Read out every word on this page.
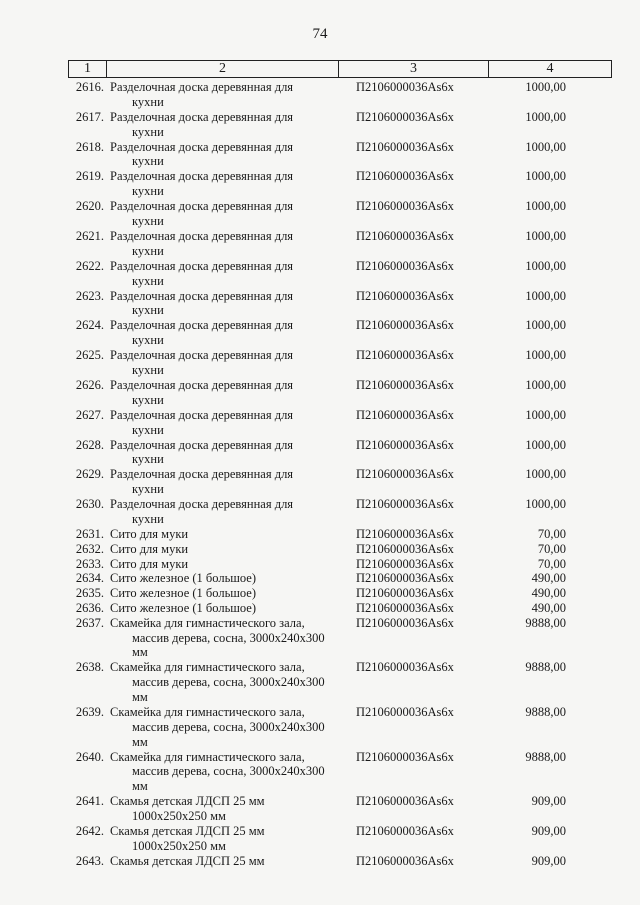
74
1	2	3	4
2616. Разделочная доска деревянная для
кухни
П2106000036Аs6х	1000,00
2617. Разделочная доска деревянная для
кухни
П2106000036Аs6х	1000,00
2618. Разделочная доска деревянная для
кухни
П2106000036Аs6х	1000,00
2619. Разделочная доска деревянная для
кухни
П2106000036Аs6х	1000,00
2620. Разделочная доска деревянная для
кухни
П2106000036Аs6х	1000,00
2621. Разделочная доска деревянная для
кухни
П2106000036Аs6х	1000,00
2622. Разделочная доска деревянная для
кухни
П2106000036Аs6х	1000,00
2623. Разделочная доска деревянная для
кухни
П2106000036Аs6х	1000,00
2624. Разделочная доска деревянная для
кухни
П2106000036Аs6х	1000,00
2625. Разделочная доска деревянная для
кухни
П2106000036Аs6х	1000,00
2626. Разделочная доска деревянная для
кухни
П2106000036Аs6х	1000,00
2627. Разделочная доска деревянная для
кухни
П2106000036Аs6х	1000,00
2628. Разделочная доска деревянная для
кухни
П2106000036Аs6х	1000,00
2629. Разделочная доска деревянная для
кухни
П2106000036Аs6х	1000,00
2630. Разделочная доска деревянная для
кухни
П2106000036Аs6х	1000,00
2631. Сито для муки	П2106000036Аs6х	70,00
2632. Сито для муки	П2106000036Аs6х	70,00
2633. Сито для муки	П2106000036Аs6х	70,00
2634. Сито железное (1 большое)	П2106000036Аs6х	490,00
2635. Сито железное (1 большое)	П2106000036Аs6х	490,00
2636. Сито железное (1 большое)	П2106000036Аs6х	490,00
2637. Скамейка для гимнастического зала,
массив дерева, сосна, 3000х240х300
мм
П2106000036Аs6х	9888,00
2638. Скамейка для гимнастического зала,
массив дерева, сосна, 3000х240х300
мм
П2106000036Аs6х	9888,00
2639. Скамейка для гимнастического зала,
массив дерева, сосна, 3000х240х300
мм
П2106000036Аs6х	9888,00
2640. Скамейка для гимнастического зала,
массив дерева, сосна, 3000х240х300
мм
П2106000036Аs6х	9888,00
2641. Скамья детская ЛДСП 25 мм
1000х250х250 мм
П2106000036Аs6х	909,00
2642. Скамья детская ЛДСП 25 мм
1000х250х250 мм
П2106000036Аs6х	909,00
2643. Скамья детская ЛДСП 25 мм	П2106000036Аs6х	909,00
